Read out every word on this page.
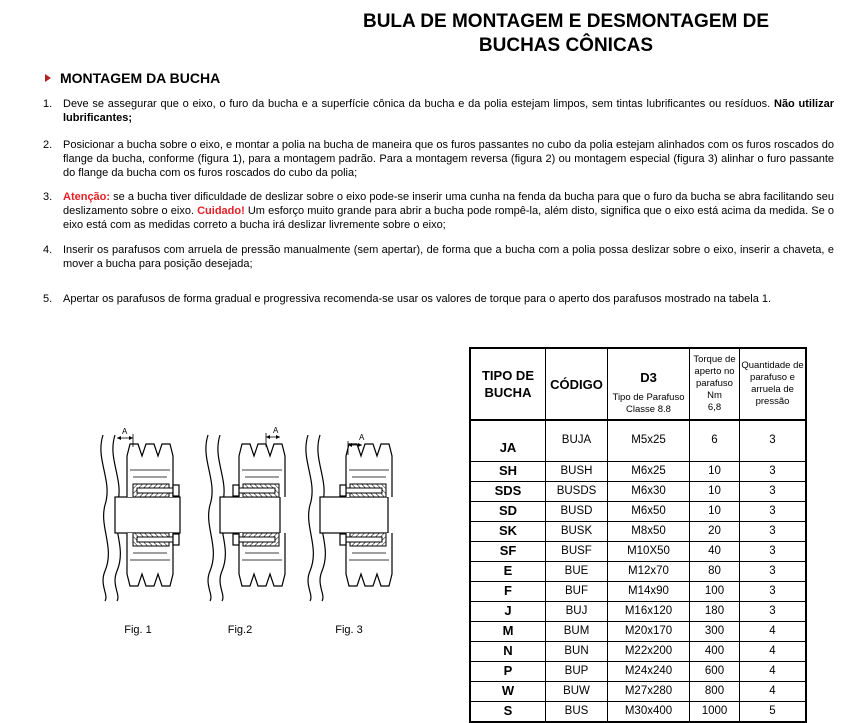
BULA DE MONTAGEM E DESMONTAGEM DE
BUCHAS CÔNICAS
MONTAGEM DA BUCHA
1. Deve se assegurar que o eixo, o furo da bucha e a superfície cônica da bucha e da polia estejam limpos, sem tintas lubrificantes ou resíduos. Não utilizar lubrificantes;
2. Posicionar a bucha sobre o eixo, e montar a polia na bucha de maneira que os furos passantes no cubo da polia estejam alinhados com os furos roscados do flange da bucha, conforme (figura 1), para a montagem padrão. Para a montagem reversa (figura 2) ou montagem especial (figura 3) alinhar o furo passante do flange da bucha com os furos roscados do cubo da polia;
3. Atenção: se a bucha tiver dificuldade de deslizar sobre o eixo pode-se inserir uma cunha na fenda da bucha para que o furo da bucha se abra facilitando seu deslizamento sobre o eixo. Cuidado! Um esforço muito grande para abrir a bucha pode rompê-la, além disto, significa que o eixo está acima da medida. Se o eixo está com as medidas correto a bucha irá deslizar livremente sobre o eixo;
4. Inserir os parafusos com arruela de pressão manualmente (sem apertar), de forma que a bucha com a polia possa deslizar sobre o eixo, inserir a chaveta, e mover a bucha para posição desejada;
5. Apertar os parafusos de forma gradual e progressiva recomenda-se usar os valores de torque para o aperto dos parafusos mostrado na tabela 1.
A	A
A
Fig. 1	Fig.2	Fig. 3
TIPO DE BUCHA	CÓDIGO	D3
Tipo de Parafuso
Classe 8.8	Torque de
aperto no
parafuso
Nm
6,8	Quantidade de
parafuso e
arruela de
pressão

JA	BUJA	M5x25	6	3
SH	BUSH	M6x25	10	3
SDS	BUSDS	M6x30	10	3
SD	BUSD	M6x50	10	3
SK	BUSK	M8x50	20	3
SF	BUSF	M10X50	40	3
E	BUE	M12x70	80	3
F	BUF	M14x90	100	3
J	BUJ	M16x120	180	3
M	BUM	M20x170	300	4
N	BUN	M22x200	400	4
P	BUP	M24x240	600	4
W	BUW	M27x280	800	4
S	BUS	M30x400	1000	5
